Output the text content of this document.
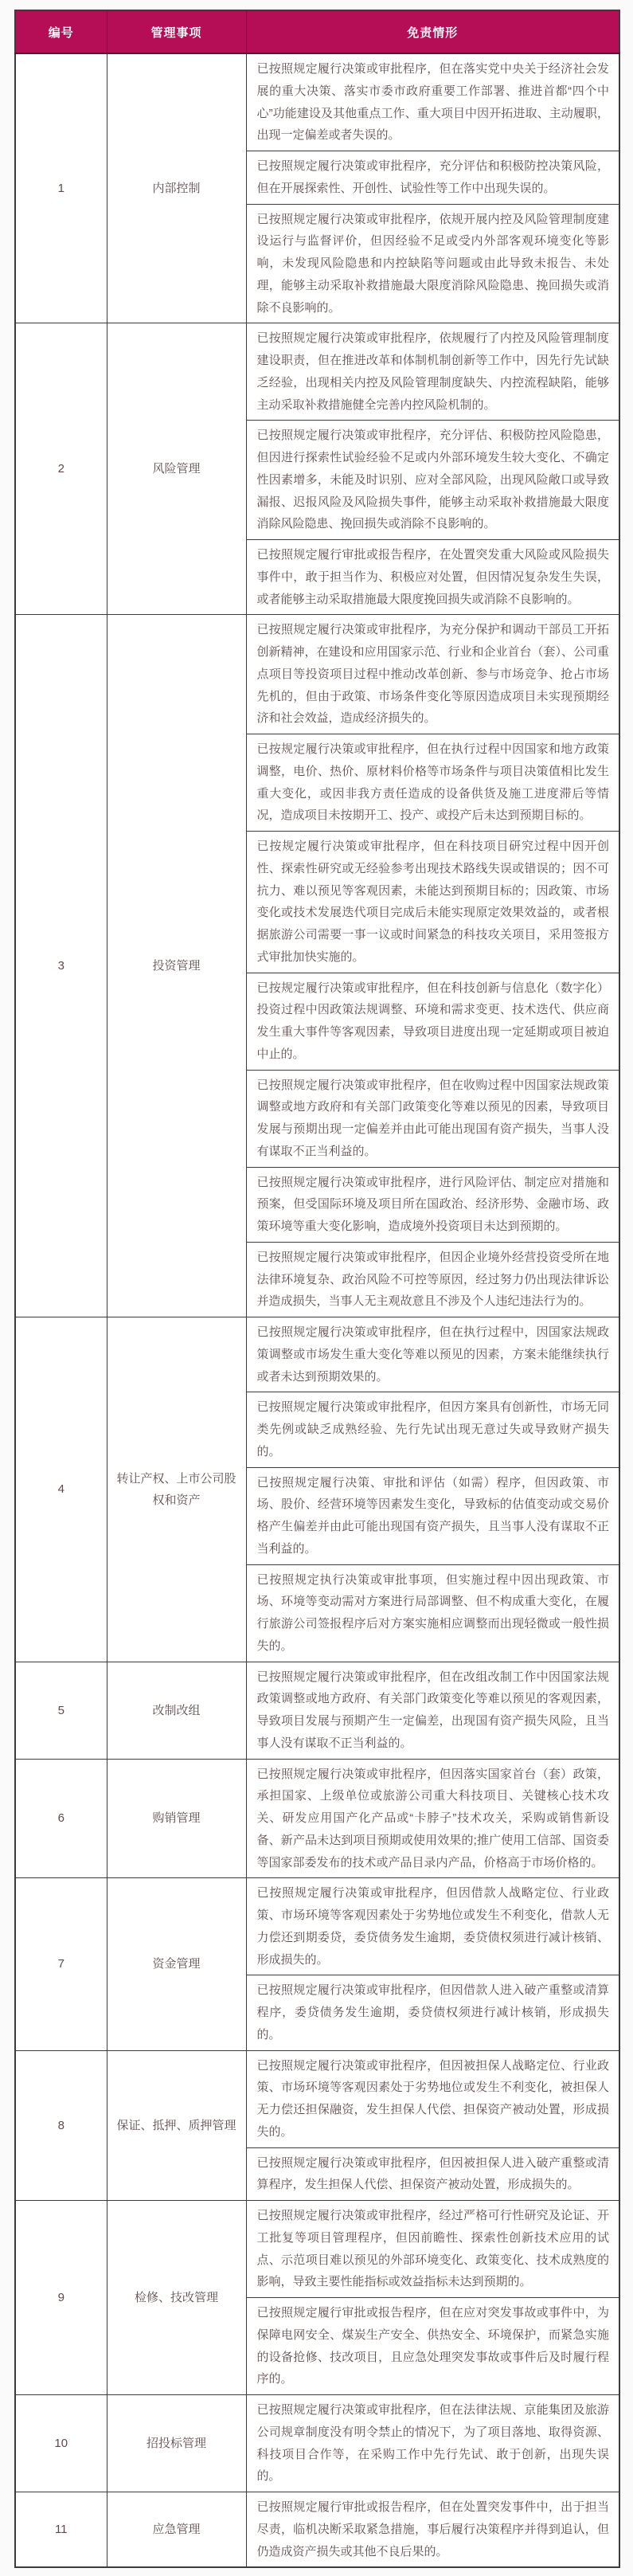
编号	管理事项	免责情形
1	内部控制	已按照规定履行决策或审批程序，但在落实党中央关于经济社会发展的重大决策、落实市委市政府重要工作部署、推进首都“四个中心”功能建设及其他重点工作、重大项目中因开拓进取、主动履职，出现一定偏差或者失误的。
		已按照规定履行决策或审批程序，充分评估和积极防控决策风险，但在开展探索性、开创性、试验性等工作中出现失误的。
		已按照规定履行决策或审批程序，依规开展内控及风险管理制度建设运行与监督评价，但因经验不足或受内外部客观环境变化等影响，未发现风险隐患和内控缺陷等问题或由此导致未报告、未处理，能够主动采取补救措施最大限度消除风险隐患、挽回损失或消除不良影响的。
2	风险管理	已按照规定履行决策或审批程序，依规履行了内控及风险管理制度建设职责，但在推进改革和体制机制创新等工作中，因先行先试缺乏经验，出现相关内控及风险管理制度缺失、内控流程缺陷，能够主动采取补救措施健全完善内控风险机制的。
		已按照规定履行决策或审批程序，充分评估、积极防控风险隐患，但因进行探索性试验经验不足或内外部环境发生较大变化、不确定性因素增多，未能及时识别、应对全部风险，出现风险敞口或导致漏报、迟报风险及风险损失事件，能够主动采取补救措施最大限度消除风险隐患、挽回损失或消除不良影响的。
		已按照规定履行审批或报告程序，在处置突发重大风险或风险损失事件中，敢于担当作为、积极应对处置，但因情况复杂发生失误，或者能够主动采取措施最大限度挽回损失或消除不良影响的。
3	投资管理	已按照规定履行决策或审批程序，为充分保护和调动干部员工开拓创新精神，在建设和应用国家示范、行业和企业首台（套）、公司重点项目等投资项目过程中推动改革创新、参与市场竞争、抢占市场先机的，但由于政策、市场条件变化等原因造成项目未实现预期经济和社会效益，造成经济损失的。
		已按规定履行决策或审批程序，但在执行过程中因国家和地方政策调整，电价、热价、原材料价格等市场条件与项目决策值相比发生重大变化，或因非我方责任造成的设备供货及施工进度滞后等情况，造成项目未按期开工、投产、或投产后未达到预期目标的。
		已按规定履行决策或审批程序，但在科技项目研究过程中因开创性、探索性研究或无经验参考出现技术路线失误或错误的；因不可抗力、难以预见等客观因素，未能达到预期目标的；因政策、市场变化或技术发展迭代项目完成后未能实现原定效果效益的，或者根据旅游公司需要一事一议或时间紧急的科技攻关项目，采用签报方式审批加快实施的。
		已按规定履行决策或审批程序，但在科技创新与信息化（数字化）投资过程中因政策法规调整、环境和需求变更、技术迭代、供应商发生重大事件等客观因素，导致项目进度出现一定延期或项目被迫中止的。
		已按照规定履行决策或审批程序，但在收购过程中因国家法规政策调整或地方政府和有关部门政策变化等难以预见的因素，导致项目发展与预期出现一定偏差并由此可能出现国有资产损失，当事人没有谋取不正当利益的。
		已按照规定履行决策或审批程序，进行风险评估、制定应对措施和预案，但受国际环境及项目所在国政治、经济形势、金融市场、政策环境等重大变化影响，造成境外投资项目未达到预期的。
		已按照规定履行决策或审批程序，但因企业境外经营投资受所在地法律环境复杂、政治风险不可控等原因，经过努力仍出现法律诉讼并造成损失，当事人无主观故意且不涉及个人违纪违法行为的。
4	转让产权、上市公司股权和资产	已按照规定履行决策或审批程序，但在执行过程中，因国家法规政策调整或市场发生重大变化等难以预见的因素，方案未能继续执行或者未达到预期效果的。
		已按照规定履行决策或审批程序，但因方案具有创新性，市场无同类先例或缺乏成熟经验、先行先试出现无意过失或导致财产损失的。
		已按照规定履行决策、审批和评估（如需）程序，但因政策、市场、股价、经营环境等因素发生变化，导致标的估值变动或交易价格产生偏差并由此可能出现国有资产损失，且当事人没有谋取不正当利益的。
		已按照规定执行决策或审批事项，但实施过程中因出现政策、市场、环境等变动需对方案进行局部调整、但不构成重大变化，在履行旅游公司签报程序后对方案实施相应调整而出现轻微或一般性损失的。
5	改制改组	已按照规定履行决策或审批程序，但在改组改制工作中因国家法规政策调整或地方政府、有关部门政策变化等难以预见的客观因素，导致项目发展与预期产生一定偏差，出现国有资产损失风险，且当事人没有谋取不正当利益的。
6	购销管理	已按照规定履行决策或审批程序，但因落实国家首台（套）政策，承担国家、上级单位或旅游公司重大科技项目、关键核心技术攻关、研发应用国产化产品或“卡脖子”技术攻关，采购或销售新设备、新产品未达到项目预期或使用效果的;推广使用工信部、国资委等国家部委发布的技术或产品目录内产品，价格高于市场价格的。
7	资金管理	已按照规定履行决策或审批程序，但因借款人战略定位、行业政策、市场环境等客观因素处于劣势地位或发生不利变化，借款人无力偿还到期委贷，委贷债务发生逾期，委贷债权须进行减计核销、形成损失的。
		已按照规定履行决策或审批程序，但因借款人进入破产重整或清算程序，委贷债务发生逾期，委贷债权须进行减计核销，形成损失的。
8	保证、抵押、质押管理	已按照规定履行决策或审批程序，但因被担保人战略定位、行业政策、市场环境等客观因素处于劣势地位或发生不利变化，被担保人无力偿还担保融资，发生担保人代偿、担保资产被动处置，形成损失的。
		已按照规定履行决策或审批程序，但因被担保人进入破产重整或清算程序，发生担保人代偿、担保资产被动处置，形成损失的。
9	检修、技改管理	已按照规定履行决策或审批程序，经过严格可行性研究及论证、开工批复等项目管理程序，但因前瞻性、探索性创新技术应用的试点、示范项目难以预见的外部环境变化、政策变化、技术成熟度的影响，导致主要性能指标或效益指标未达到预期的。
		已按照规定履行审批或报告程序，但在应对突发事故或事件中，为保障电网安全、煤炭生产安全、供热安全、环境保护，而紧急实施的设备抢修、技改项目，且应急处理突发事故或事件后及时履行程序的。
10	招投标管理	已按照规定履行决策或审批程序，但在法律法规、京能集团及旅游公司规章制度没有明令禁止的情况下，为了项目落地、取得资源、科技项目合作等，在采购工作中先行先试、敢于创新，出现失误的。
11	应急管理	已按照规定履行审批或报告程序，但在处置突发事件中，出于担当尽责，临机决断采取紧急措施，事后履行决策程序并得到追认，但仍造成资产损失或其他不良后果的。
